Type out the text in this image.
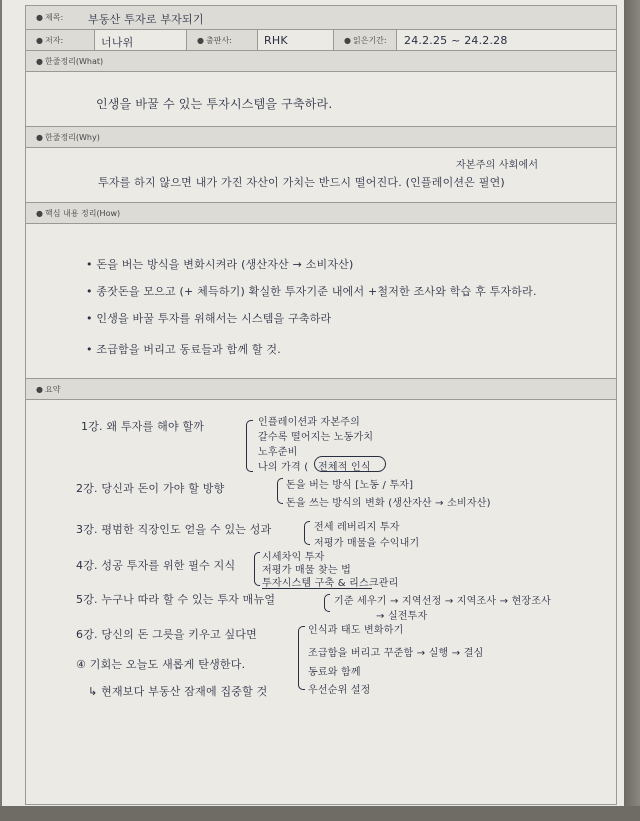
● 제목: 부동산 투자로 부자되기
● 저자:	너나위	● 출판사:	RHK	● 읽은기간: 24.2.25 ~ 24.2.28
● 한줄정리(What)
인생을 바꿀 수 있는 투자시스템을 구축하라.
● 한줄정리(Why)
자본주의 사회에서
투자를 하지 않으면 내가 가진 자산이 가치는 반드시 떨어진다. (인플레이션은 필연)
● 핵심 내용 정리(How)
• 돈을 버는 방식을 변화시켜라 (생산자산 → 소비자산)
• 종잣돈을 모으고 (+ 체득하기) 확실한 투자기준 내에서 +철저한 조사와 학습 후 투자하라.
• 인생을 바꿀 투자를 위해서는 시스템을 구축하라
• 조급함을 버리고 동료들과 함께 할 것.
● 요약
1강. 왜 투자를 해야 할까	인플레이션과 자본주의
갈수록 떨어지는 노동가치
노후준비
나의 가격 ( 전체적 인식
2강. 당신과 돈이 가야 할 방향	돈을 버는 방식 [노동 / 투자]
돈을 쓰는 방식의 변화 (생산자산 → 소비자산)
3강. 평범한 직장인도 얻을 수 있는 성과	전세 레버리지 투자
저평가 매물을 수익내기
4강. 성공 투자를 위한 필수 지식
시세차익 투자
저평가 매물 찾는 법
투자시스템 구축 & 리스크관리
5강. 누구나 따라 할 수 있는 투자 매뉴얼	기준 세우기 → 지역선정 → 지역조사 → 현장조사
→ 실전투자
6강. 당신의 돈 그릇을 키우고 싶다면	인식과 태도 변화하기
조급함을 버리고 꾸준함 → 실행 → 결심
동료와 함께
우선순위 설정
④ 기회는 오늘도 새롭게 탄생한다.
↳ 현재보다 부동산 잠재에 집중할 것
